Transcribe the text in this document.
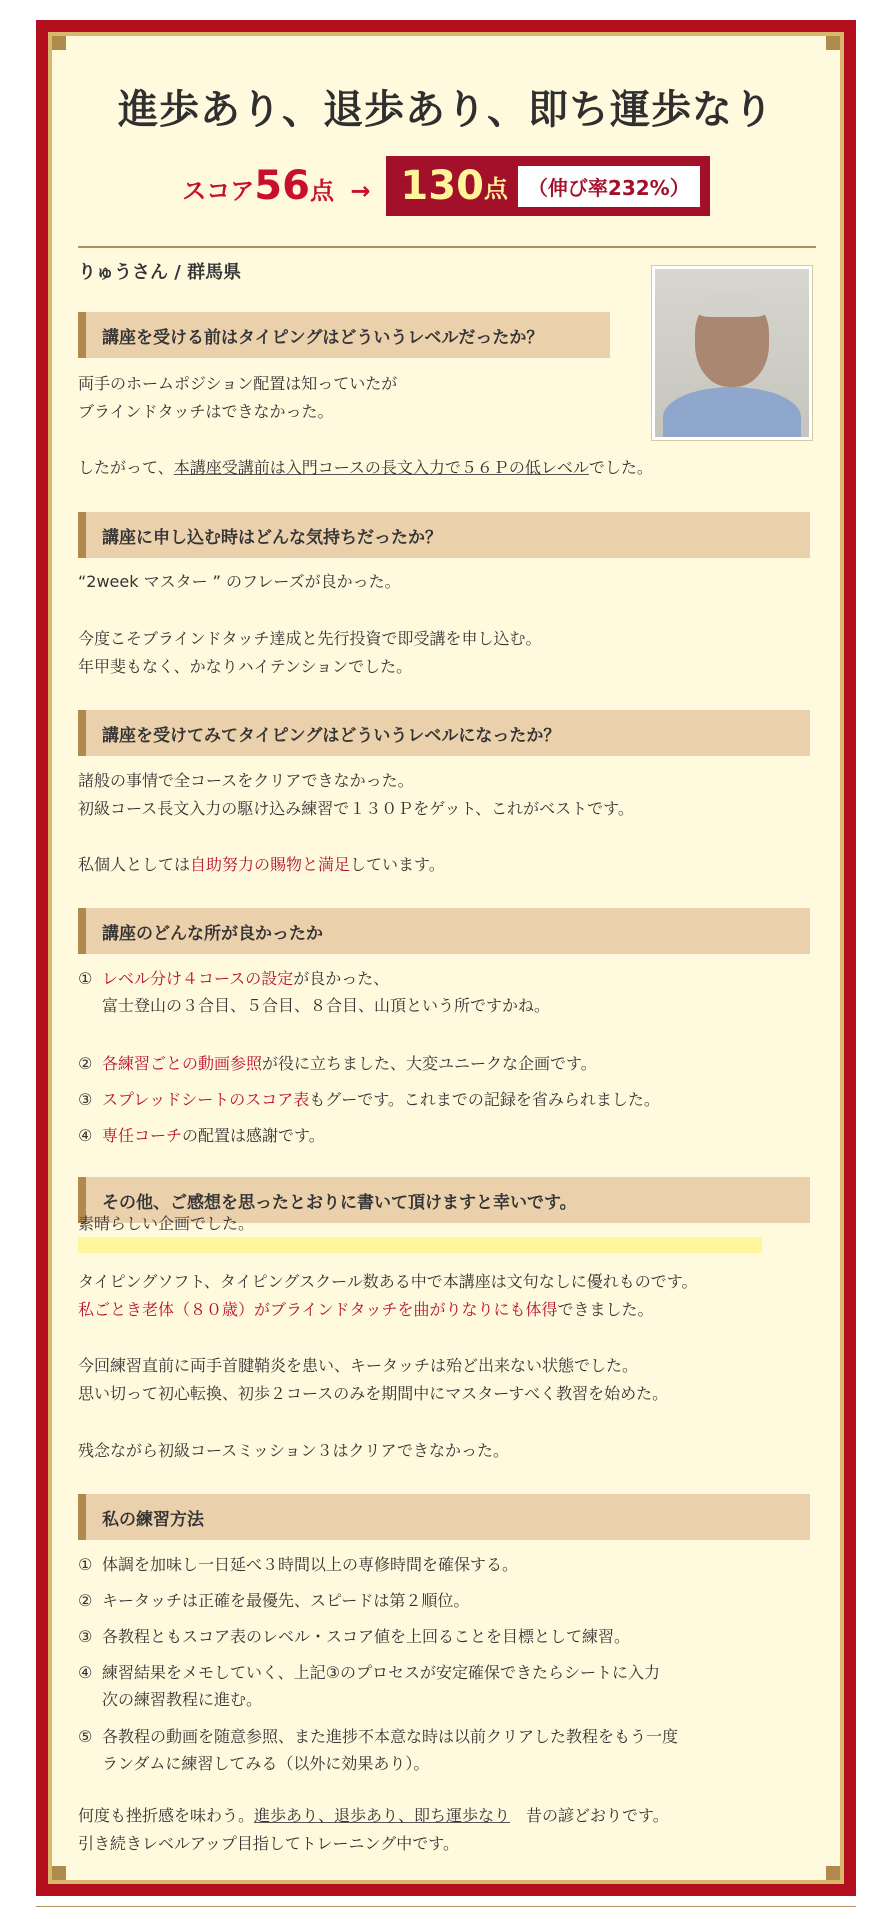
進歩あり、退歩あり、即ち運歩なり
スコア56点 → 130 点	（伸び率232%）
りゅうさん / 群馬県
講座を受ける前はタイピングはどういうレベルだったか？
両手のホームポジション配置は知っていたが
ブラインドタッチはできなかった。
したがって、本講座受講前は入門コースの長文入力で５６Ｐの低レベルでした。
講座に申し込む時はどんな気持ちだったか？
“2week マスター ” のフレーズが良かった。
今度こそブラインドタッチ達成と先行投資で即受講を申し込む。
年甲斐もなく、かなりハイテンションでした。
講座を受けてみてタイピングはどういうレベルになったか？
諸般の事情で全コースをクリアできなかった。
初級コース長文入力の駆け込み練習で１３０Ｐをゲット、これがベストです。
私個人としては自助努力の賜物と満足しています。
講座のどんな所が良かったか
① レベル分け４コースの設定が良かった、
富士登山の３合目、５合目、８合目、山頂という所ですかね。
② 各練習ごとの動画参照が役に立ちました、大変ユニークな企画です。
③ スプレッドシートのスコア表もグーです。これまでの記録を省みられました。
④ 専任コーチの配置は感謝です。
その他、ご感想を思ったとおりに書いて頂けますと幸いです。
素晴らしい企画でした。
タイピングソフト、タイピングスクール数ある中で本講座は文句なしに優れものです。
私ごとき老体（８０歳）がブラインドタッチを曲がりなりにも体得できました。
今回練習直前に両手首腱鞘炎を患い、キータッチは殆ど出来ない状態でした。
思い切って初心転換、初歩２コースのみを期間中にマスターすべく教習を始めた。
残念ながら初級コースミッション３はクリアできなかった。
私の練習方法
① 体調を加味し一日延べ３時間以上の専修時間を確保する。
② キータッチは正確を最優先、スピードは第２順位。
③ 各教程ともスコア表のレベル・スコア値を上回ることを目標として練習。
④ 練習結果をメモしていく、上記③のプロセスが安定確保できたらシートに入力
次の練習教程に進む。
⑤ 各教程の動画を随意参照、また進捗不本意な時は以前クリアした教程をもう一度
ランダムに練習してみる（以外に効果あり）。
何度も挫折感を味わう。進歩あり、退歩あり、即ち運歩なり　昔の諺どおりです。
引き続きレベルアップ目指してトレーニング中です。
